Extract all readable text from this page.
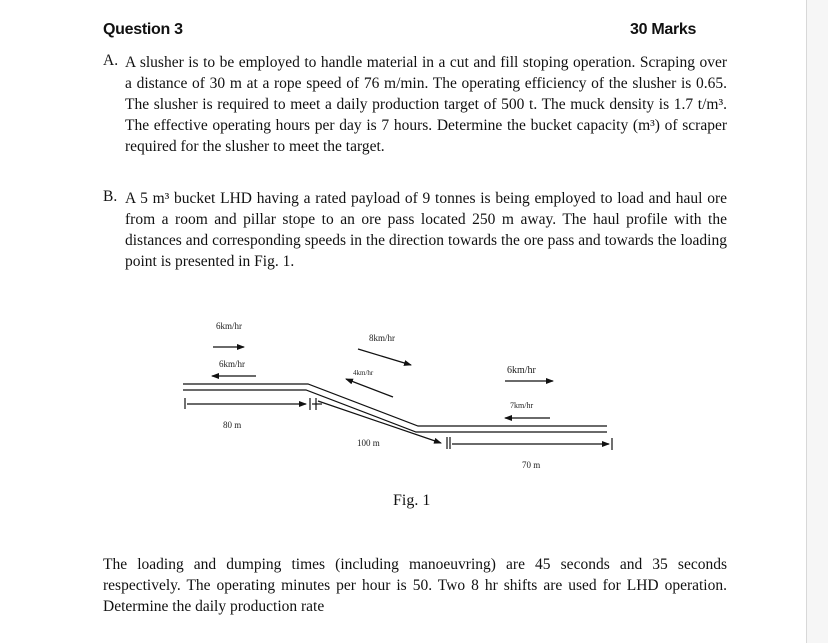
Question 3	30 Marks
A. A slusher is to be employed to handle material in a cut and fill stoping operation. Scraping over a distance of 30 m at a rope speed of 76 m/min. The operating efficiency of the slusher is 0.65. The slusher is required to meet a daily production target of 500 t. The muck density is 1.7 t/m³. The effective operating hours per day is 7 hours. Determine the bucket capacity (m³) of scraper required for the slusher to meet the target.
B. A 5 m³ bucket LHD having a rated payload of 9 tonnes is being employed to load and haul ore from a room and pillar stope to an ore pass located 250 m away. The haul profile with the distances and corresponding speeds in the direction towards the ore pass and towards the loading point is presented in Fig. 1.
6km/hr
6km/hr
8km/hr
4km/hr	6km/hr
7km/hr
80 m
100 m
70 m
Fig. 1
The loading and dumping times (including manoeuvring) are 45 seconds and 35 seconds respectively. The operating minutes per hour is 50. Two 8 hr shifts are used for LHD operation. Determine the daily production rate
